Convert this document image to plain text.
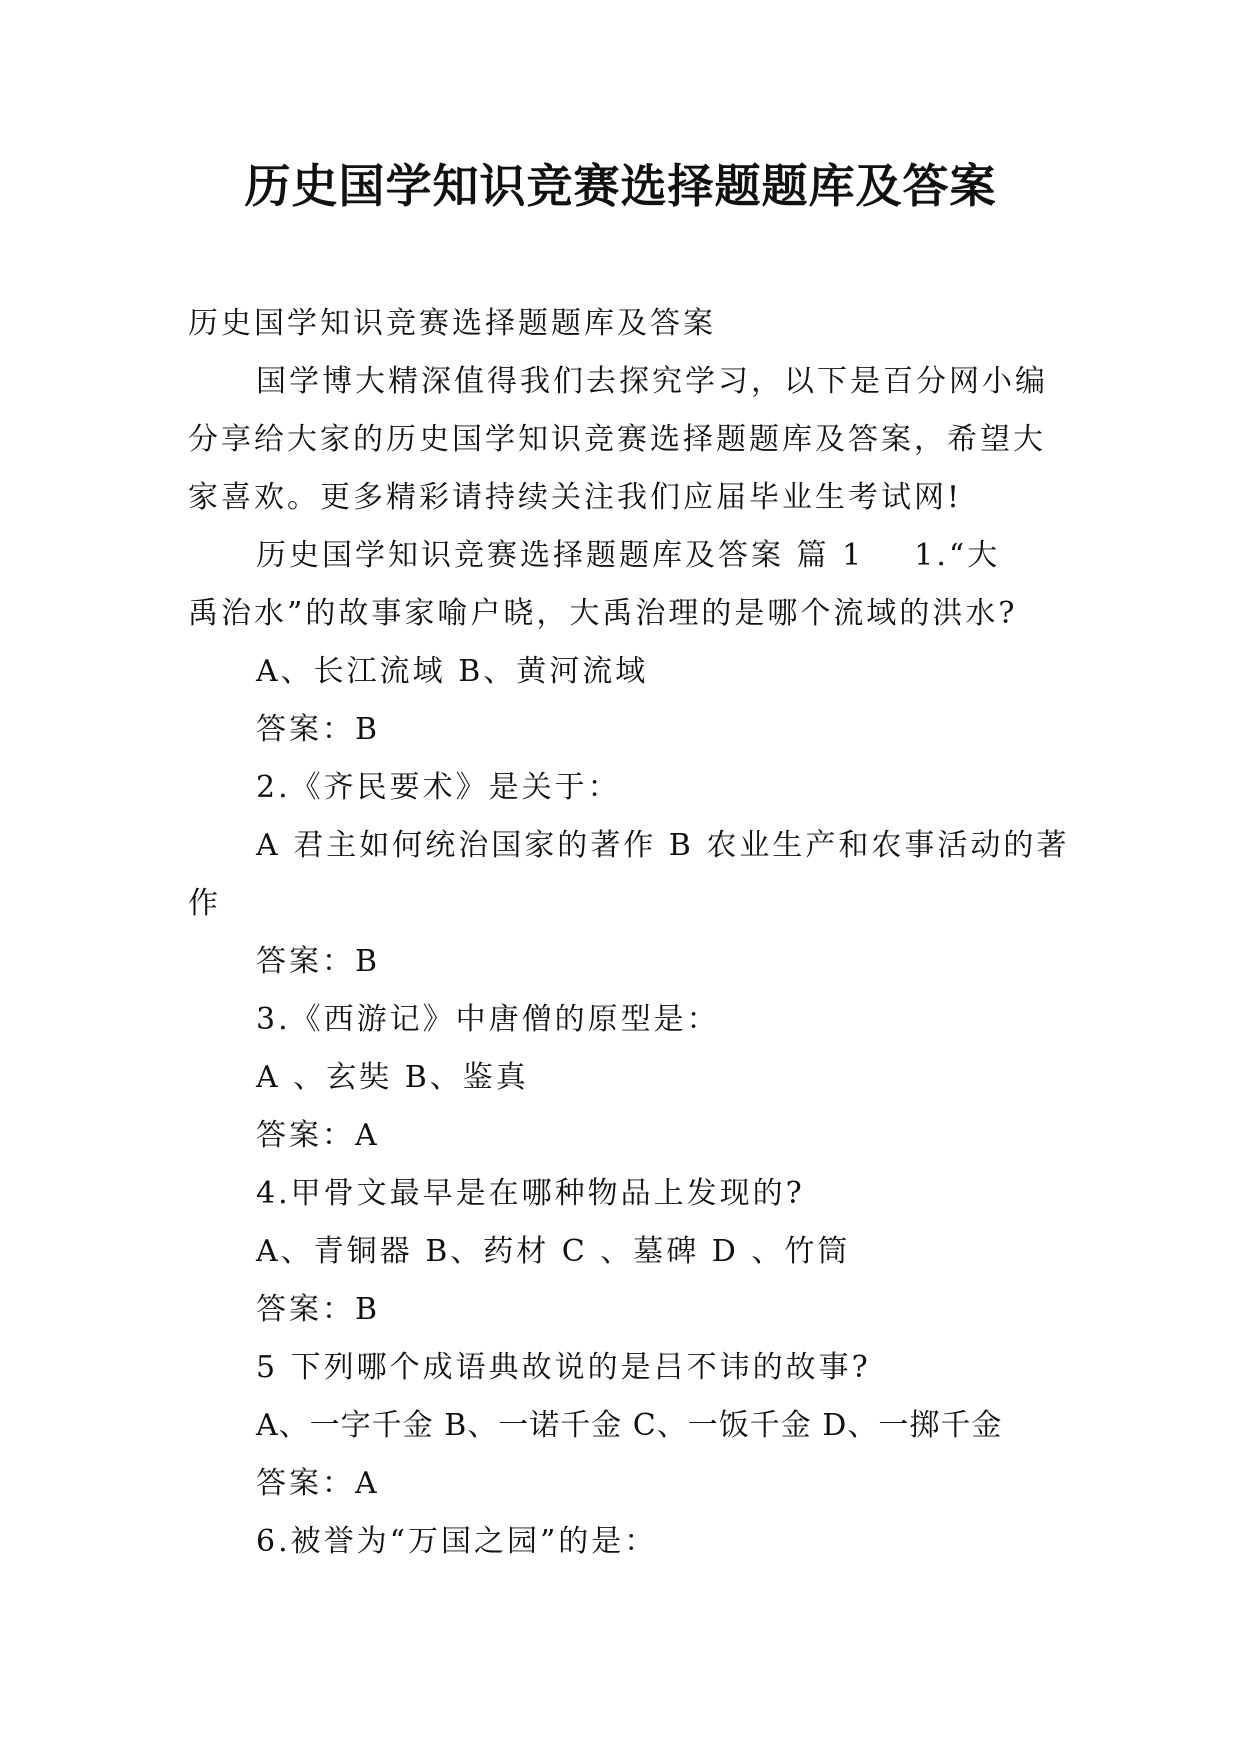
历史国学知识竞赛选择题题库及答案
历史国学知识竞赛选择题题库及答案
国学博大精深值得我们去探究学习，以下是百分网小编
分享给大家的历史国学知识竞赛选择题题库及答案，希望大
家喜欢。更多精彩请持续关注我们应届毕业生考试网!
历史国学知识竞赛选择题题库及答案 篇 1    1.“大
禹治水”的故事家喻户晓，大禹治理的是哪个流域的洪水?
A、长江流域 B、黄河流域
答案：B
2.《齐民要术》是关于：
A 君主如何统治国家的著作 B 农业生产和农事活动的著
作
答案：B
3.《西游记》中唐僧的原型是：
A 、玄奘 B、鉴真
答案：A
4.甲骨文最早是在哪种物品上发现的?
A、青铜器 B、药材 C 、墓碑 D 、竹筒
答案：B
5 下列哪个成语典故说的是吕不讳的故事?
A、一字千金 B、一诺千金 C、一饭千金 D、一掷千金
答案：A
6.被誉为“万国之园”的是：
